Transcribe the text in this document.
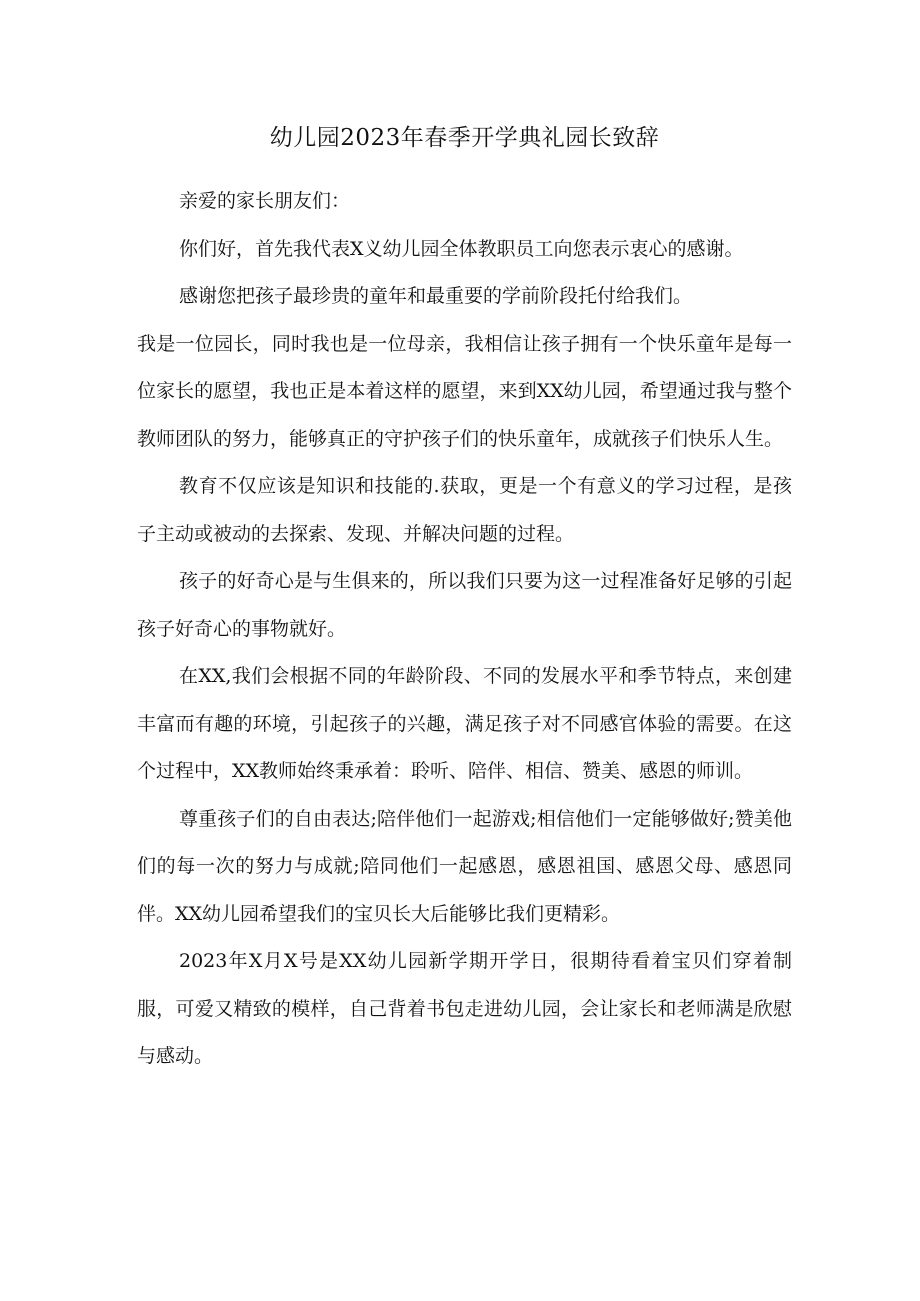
幼儿园2023年春季开学典礼园长致辞

亲爱的家长朋友们：

你们好，首先我代表X义幼儿园全体教职员工向您表示衷心的感谢。

感谢您把孩子最珍贵的童年和最重要的学前阶段托付给我们。

我是一位园长，同时我也是一位母亲，我相信让孩子拥有一个快乐童年是每一位家长的愿望，我也正是本着这样的愿望，来到XX幼儿园，希望通过我与整个教师团队的努力，能够真正的守护孩子们的快乐童年，成就孩子们快乐人生。

教育不仅应该是知识和技能的.获取，更是一个有意义的学习过程，是孩子主动或被动的去探索、发现、并解决问题的过程。

孩子的好奇心是与生俱来的，所以我们只要为这一过程准备好足够的引起孩子好奇心的事物就好。

在XX,我们会根据不同的年龄阶段、不同的发展水平和季节特点，来创建丰富而有趣的环境，引起孩子的兴趣，满足孩子对不同感官体验的需要。在这个过程中，XX教师始终秉承着：聆听、陪伴、相信、赞美、感恩的师训。

尊重孩子们的自由表达;陪伴他们一起游戏;相信他们一定能够做好;赞美他们的每一次的努力与成就;陪同他们一起感恩，感恩祖国、感恩父母、感恩同伴。XX幼儿园希望我们的宝贝长大后能够比我们更精彩。

2023年X月X号是XX幼儿园新学期开学日，很期待看着宝贝们穿着制服，可爱又精致的模样，自己背着书包走进幼儿园，会让家长和老师满是欣慰与感动。
